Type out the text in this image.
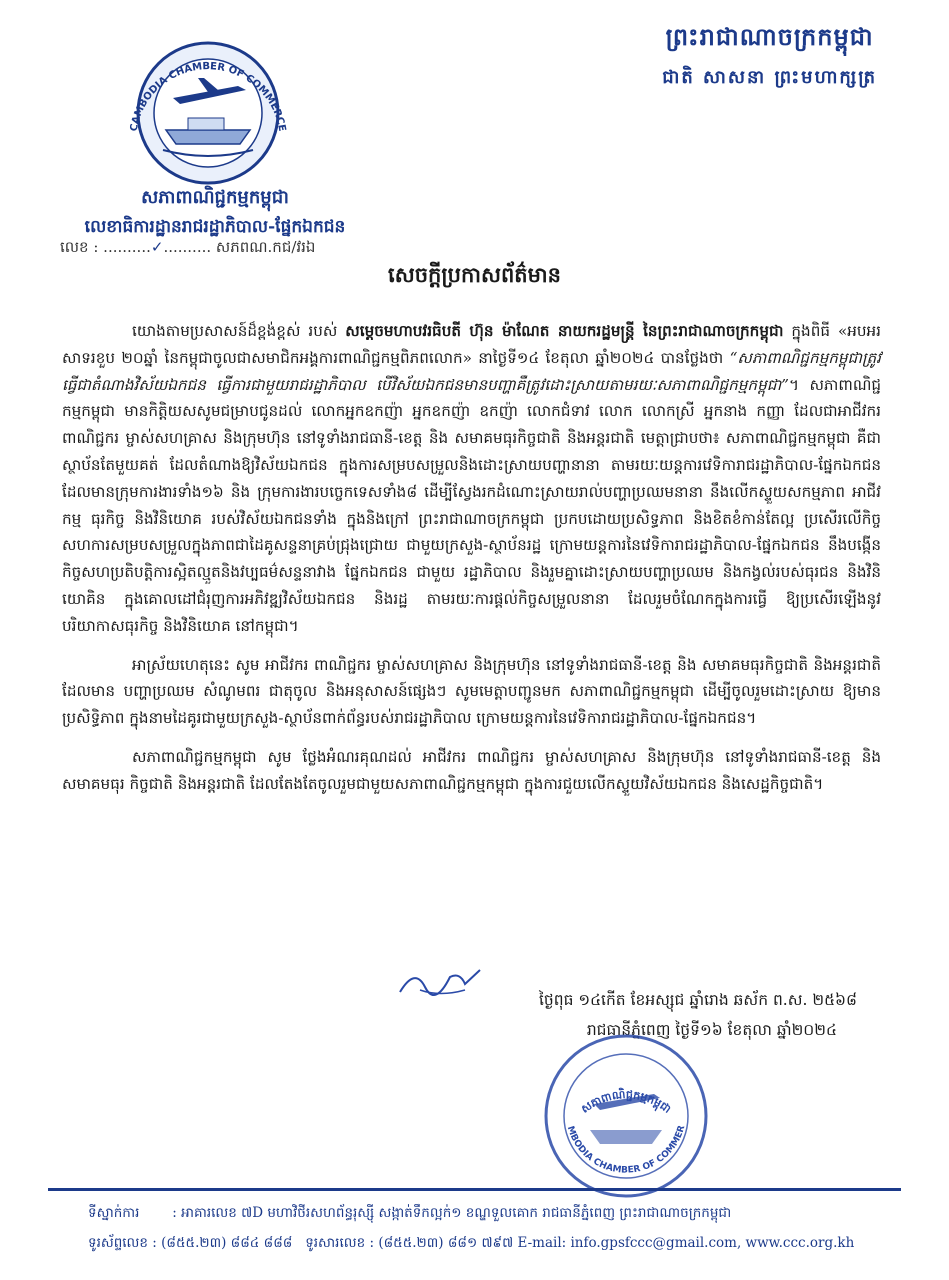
ព្រះរាជាណាចក្រកម្ពុជា
ជាតិ សាសនា ព្រះមហាក្សត្រ
CAMBODIA CHAMBER OF COMMERCE
សភាពាណិជ្ជកម្មកម្ពុជា
លេខាធិការដ្ឋានរាជរដ្ឋាភិបាល-ផ្នែកឯកជន
លេខ : ..........✓.......... សភពណ.កជ/វរឯ
សេចក្តីប្រកាសព័ត៌មាន

យោងតាមប្រសាសន៍ដ៏ខ្ពង់ខ្ពស់ របស់ សម្តេចមហាបវរធិបតី ហ៊ុន ម៉ាណែត នាយករដ្ឋមន្រ្តី នៃព្រះរាជាណាចក្រកម្ពុជា ក្នុងពិធី «អបអរសាទរខួប ២០ឆ្នាំ នៃកម្ពុជាចូលជាសមាជិកអង្គការពាណិជ្ជកម្មពិភពលោក» នាថ្ងៃទី១៤ ខែតុលា ឆ្នាំ២០២៤ បានថ្លែងថា “សភាពាណិជ្ជកម្មកម្ពុជាត្រូវធ្វើជាតំណាងវិស័យឯកជន ធ្វើការជាមួយរាជរដ្ឋាភិបាល បើវិស័យឯកជនមានបញ្ហាគឺត្រូវដោះស្រាយតាមរយៈសភាពាណិជ្ជកម្មកម្ពុជា”។ សភាពាណិជ្ជកម្មកម្ពុជា មានកិត្តិយសសូមជម្រាបជូនដល់ លោកអ្នកឧកញ៉ា អ្នកឧកញ៉ា ឧកញ៉ា លោកជំទាវ លោក លោកស្រី អ្នកនាង កញ្ញា ដែលជាអាជីវករ ពាណិជ្ជករ ម្ចាស់សហគ្រាស និងក្រុមហ៊ុន នៅទូទាំងរាជធានី-ខេត្ត និង សមាគមធុរកិច្ចជាតិ និងអន្តរជាតិ មេត្តាជ្រាបថា៖ សភាពាណិជ្ជកម្មកម្ពុជា គឺជាស្ថាប័នតែមួយគត់ ដែលតំណាងឱ្យវិស័យឯកជន ក្នុងការសម្របសម្រួលនិងដោះស្រាយបញ្ហានានា តាមរយៈយន្តការវេទិការាជរដ្ឋាភិបាល-ផ្នែកឯកជន ដែលមានក្រុមការងារទាំង១៦ និង ក្រុមការងារបច្ចេកទេសទាំង៨ ដើម្បីស្វែងរកដំណោះស្រាយរាល់បញ្ហាប្រឈមនានា នឹងលើកស្ទួយសកម្មភាព អាជីវកម្ម ធុរកិច្ច និងវិនិយោគ របស់វិស័យឯកជនទាំង ក្នុងនិងក្រៅ ព្រះរាជាណាចក្រកម្ពុជា ប្រកបដោយប្រសិទ្ធភាព និងខិតខំកាន់តែល្អ ប្រសើរលើកិច្ចសហការសម្របសម្រួលក្នុងភាពជាដៃគូសន្ទនាគ្រប់ជ្រុងជ្រោយ ជាមួយក្រសួង-ស្ថាប័នរដ្ឋ ក្រោមយន្តការនៃវេទិការាជរដ្ឋាភិបាល-ផ្នែកឯកជន នឹងបង្កើនកិច្ចសហប្រតិបត្តិការស្អិតល្មួតនិងវប្បធម៌សន្ទនាវាង ផ្នែកឯកជន ជាមួយ រដ្ឋាភិបាល និងរួមគ្នាដោះស្រាយបញ្ហាប្រឈម និងកង្វល់របស់ធុរជន និងវិនិយោគិន ក្នុងគោលដៅជំរុញការអភិវឌ្ឍវិស័យឯកជន និងរដ្ឋ តាមរយៈការផ្តល់កិច្ចសម្រួលនានា ដែលរួមចំណែកក្នុងការធ្វើ ឱ្យប្រសើរឡើងនូវបរិយាកាសធុរកិច្ច និងវិនិយោគ នៅកម្ពុជា។

អាស្រ័យហេតុនេះ សូម អាជីវករ ពាណិជ្ជករ ម្ចាស់សហគ្រាស និងក្រុមហ៊ុន នៅទូទាំងរាជធានី-ខេត្ត និង សមាគមធុរកិច្ចជាតិ និងអន្តរជាតិ ដែលមាន បញ្ហាប្រឈម សំណូមពរ ជាតុចូល និងអនុសាសន៍ផ្សេងៗ សូមមេត្តាបញ្ជូនមក សភាពាណិជ្ជកម្មកម្ពុជា ដើម្បីចូលរួមដោះស្រាយ ឱ្យមានប្រសិទ្ធិភាព ក្នុងនាមដៃគូរជាមួយក្រសួង-ស្ថាប័នពាក់ព័ន្ធរបស់រាជរដ្ឋាភិបាល ក្រោមយន្តការនៃវេទិការាជរដ្ឋាភិបាល-ផ្នែកឯកជន។

សភាពាណិជ្ជកម្មកម្ពុជា សូម ថ្លែងអំណរគុណដល់ អាជីវករ ពាណិជ្ជករ ម្ចាស់សហគ្រាស និងក្រុមហ៊ុន នៅទូទាំងរាជធានី-ខេត្ត និងសមាគមធុរ កិច្ចជាតិ និងអន្តរជាតិ ដែលតែងតែចូលរួមជាមួយសភាពាណិជ្ជកម្មកម្ពុជា ក្នុងការជួយលើកស្ទួយវិស័យឯកជន និងសេដ្ឋកិច្ចជាតិ។

ថ្ងៃពុធ ១៤កើត ខែអស្សុជ ឆ្នាំរោង ឆស័ក ព.ស. ២៥៦៨
រាជធានីភ្នំពេញ ថ្ងៃទី១៦ ខែតុលា ឆ្នាំ២០២៤
សភាពាណិជ្ជកម្មកម្ពុជា
MBODIA CHAMBER OF COMMER
ទីស្នាក់ការ : អាគារលេខ ៧D មហាវិថីរសហព័ន្ធរុស្ស៊ី សង្កាត់ទឹកល្អក់១ ខណ្ឌទួលគោក រាជធានីភ្នំពេញ ព្រះរាជាណាចក្រកម្ពុជា
ទូរស័ព្ទលេខ : (៨៥៥.២៣) ៨៨៤ ៨៨៨ ទូរសារលេខ : (៨៥៥.២៣) ៨៨១ ៧៩៧ E-mail: info.gpsfccc@gmail.com, www.ccc.org.kh
